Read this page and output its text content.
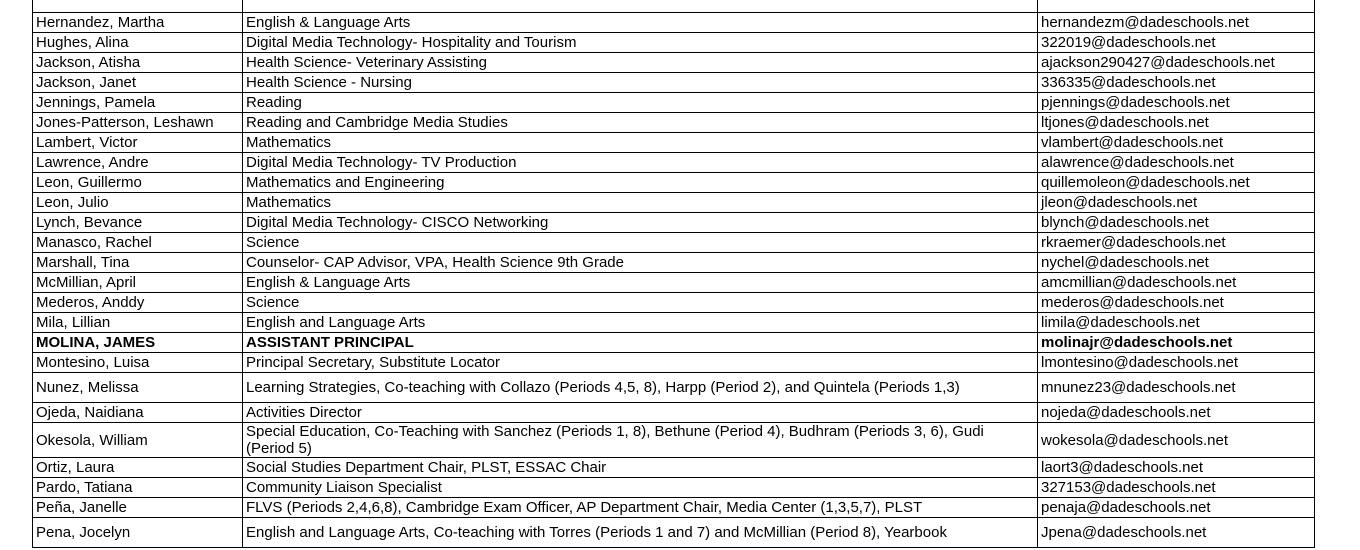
Hernandez, Martha	English & Language Arts	hernandezm@dadeschools.net
Hughes, Alina	Digital Media Technology- Hospitality and Tourism	322019@dadeschools.net
Jackson, Atisha	Health Science- Veterinary Assisting	ajackson290427@dadeschools.net
Jackson, Janet	Health Science - Nursing	336335@dadeschools.net
Jennings, Pamela	Reading	pjennings@dadeschools.net
Jones-Patterson, Leshawn	Reading and Cambridge Media Studies	ltjones@dadeschools.net
Lambert, Victor	Mathematics	vlambert@dadeschools.net
Lawrence, Andre	Digital Media Technology- TV Production	alawrence@dadeschools.net
Leon, Guillermo	Mathematics and Engineering	quillemoleon@dadeschools.net
Leon, Julio	Mathematics	jleon@dadeschools.net
Lynch, Bevance	Digital Media Technology- CISCO Networking	blynch@dadeschools.net
Manasco, Rachel	Science	rkraemer@dadeschools.net
Marshall, Tina	Counselor- CAP Advisor, VPA, Health Science 9th Grade	nychel@dadeschools.net
McMillian, April	English & Language Arts	amcmillian@dadeschools.net
Mederos, Anddy	Science	mederos@dadeschools.net
Mila, Lillian	English and Language Arts	limila@dadeschools.net
MOLINA, JAMES	ASSISTANT PRINCIPAL	molinajr@dadeschools.net
Montesino, Luisa	Principal Secretary, Substitute Locator	lmontesino@dadeschools.net
Nunez, Melissa	Learning Strategies, Co-teaching with Collazo (Periods 4,5, 8), Harpp (Period 2), and Quintela (Periods 1,3)	mnunez23@dadeschools.net
Ojeda, Naidiana	Activities Director	nojeda@dadeschools.net
Okesola, William	Special Education, Co-Teaching with Sanchez (Periods 1, 8), Bethune (Period 4), Budhram (Periods 3, 6), Gudi (Period 5)	wokesola@dadeschools.net
Ortiz, Laura	Social Studies Department Chair, PLST, ESSAC Chair	laort3@dadeschools.net
Pardo, Tatiana	Community Liaison Specialist	327153@dadeschools.net
Peña, Janelle	FLVS (Periods 2,4,6,8), Cambridge Exam Officer, AP Department Chair, Media Center (1,3,5,7), PLST	penaja@dadeschools.net
Pena, Jocelyn	English and Language Arts, Co-teaching with Torres (Periods 1 and 7) and McMillian (Period 8), Yearbook	Jpena@dadeschools.net
